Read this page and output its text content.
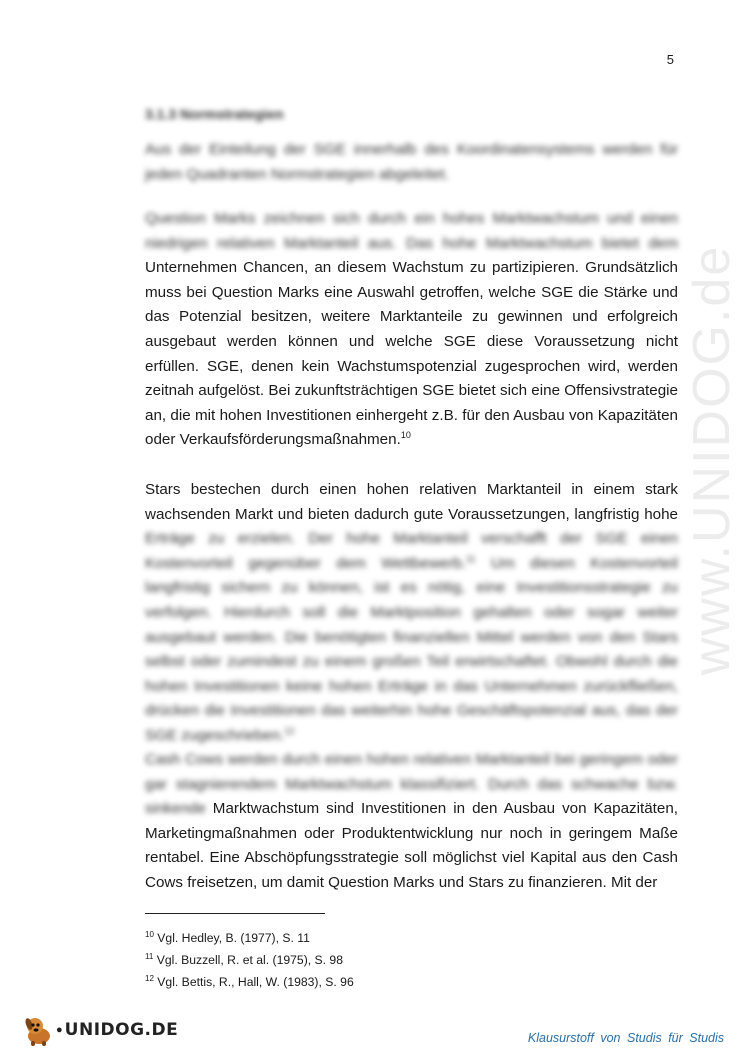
www.UNIDOG.de
5
3.1.3 Normstrategien

Aus der Einteilung der SGE innerhalb des Koordinatensystems werden für jeden Quadranten Normstrategien abgeleitet.

Question Marks zeichnen sich durch ein hohes Marktwachstum und einen niedrigen relativen Marktanteil aus. Das hohe Marktwachstum bietet dem Unternehmen Chancen, an diesem Wachstum zu partizipieren. Grundsätzlich muss bei Question Marks eine Auswahl getroffen, welche SGE die Stärke und das Potenzial besitzen, weitere Marktanteile zu gewinnen und erfolgreich ausgebaut werden können und welche SGE diese Voraussetzung nicht erfüllen. SGE, denen kein Wachstumspotenzial zugesprochen wird, werden zeitnah aufgelöst. Bei zukunftsträchtigen SGE bietet sich eine Offensivstrategie an, die mit hohen Investitionen einhergeht z.B. für den Ausbau von Kapazitäten oder Verkaufsförderungsmaßnahmen.$^{10}$
Stars bestechen durch einen hohen relativen Marktanteil in einem stark wachsenden Markt und bieten dadurch gute Voraussetzungen, langfristig hohe Erträge zu erzielen. Der hohe Marktanteil verschafft der SGE einen Kostenvorteil gegenüber dem Wettbewerb.$^{11}$ Um diesen Kostenvorteil langfristig sichern zu können, ist es nötig, eine Investitionsstrategie zu verfolgen. Hierdurch soll die Marktposition gehalten oder sogar weiter ausgebaut werden. Die benötigten finanziellen Mittel werden von den Stars selbst oder zumindest zu einem großen Teil erwirtschaftet. Obwohl durch die hohen Investitionen keine hohen Erträge in das Unternehmen zurückfließen, drücken die Investitionen das weiterhin hohe Geschäftspotenzial aus, das der SGE zugeschrieben.$^{12}$
Cash Cows werden durch einen hohen relativen Marktanteil bei geringem oder gar stagnierendem Marktwachstum klassifiziert. Durch das schwache bzw. sinkende Marktwachstum sind Investitionen in den Ausbau von Kapazitäten, Marketingmaßnahmen oder Produktentwicklung nur noch in geringem Maße rentabel. Eine Abschöpfungsstrategie soll möglichst viel Kapital aus den Cash Cows freisetzen, um damit Question Marks und Stars zu finanzieren. Mit der
$^{10}$ Vgl. Hedley, B. (1977), S. 11
$^{11}$ Vgl. Buzzell, R. et al. (1975), S. 98
$^{12}$ Vgl. Bettis, R., Hall, W. (1983), S. 96
● UNIDOG.DE	Klausurstoff von Studis für Studis
